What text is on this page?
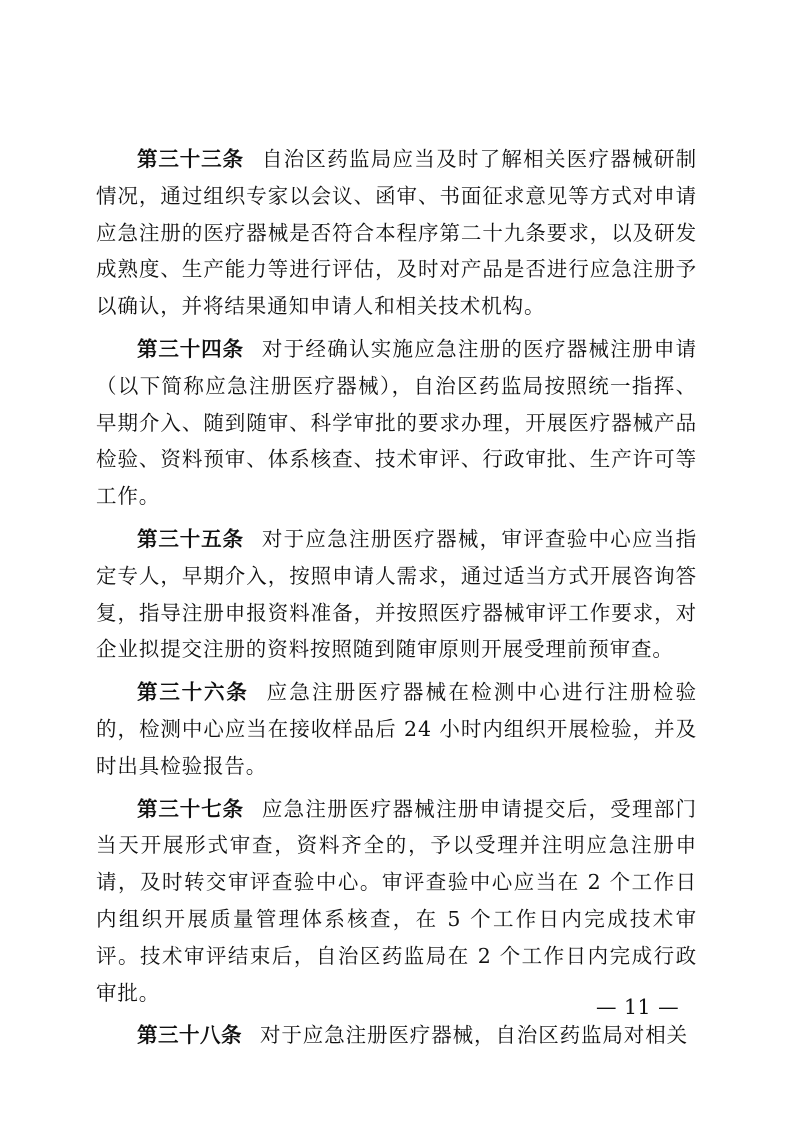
第三十三条 自治区药监局应当及时了解相关医疗器械研制情况，通过组织专家以会议、函审、书面征求意见等方式对申请应急注册的医疗器械是否符合本程序第二十九条要求，以及研发成熟度、生产能力等进行评估，及时对产品是否进行应急注册予以确认，并将结果通知申请人和相关技术机构。

第三十四条 对于经确认实施应急注册的医疗器械注册申请（以下简称应急注册医疗器械），自治区药监局按照统一指挥、早期介入、随到随审、科学审批的要求办理，开展医疗器械产品检验、资料预审、体系核查、技术审评、行政审批、生产许可等工作。

第三十五条 对于应急注册医疗器械，审评查验中心应当指定专人，早期介入，按照申请人需求，通过适当方式开展咨询答复，指导注册申报资料准备，并按照医疗器械审评工作要求，对企业拟提交注册的资料按照随到随审原则开展受理前预审查。

第三十六条 应急注册医疗器械在检测中心进行注册检验的，检测中心应当在接收样品后 24 小时内组织开展检验，并及时出具检验报告。

第三十七条 应急注册医疗器械注册申请提交后，受理部门当天开展形式审查，资料齐全的，予以受理并注明应急注册申请，及时转交审评查验中心。审评查验中心应当在 2 个工作日内组织开展质量管理体系核查，在 5 个工作日内完成技术审评。技术审评结束后，自治区药监局在 2 个工作日内完成行政审批。

第三十八条 对于应急注册医疗器械，自治区药监局对相关

— 11 —
